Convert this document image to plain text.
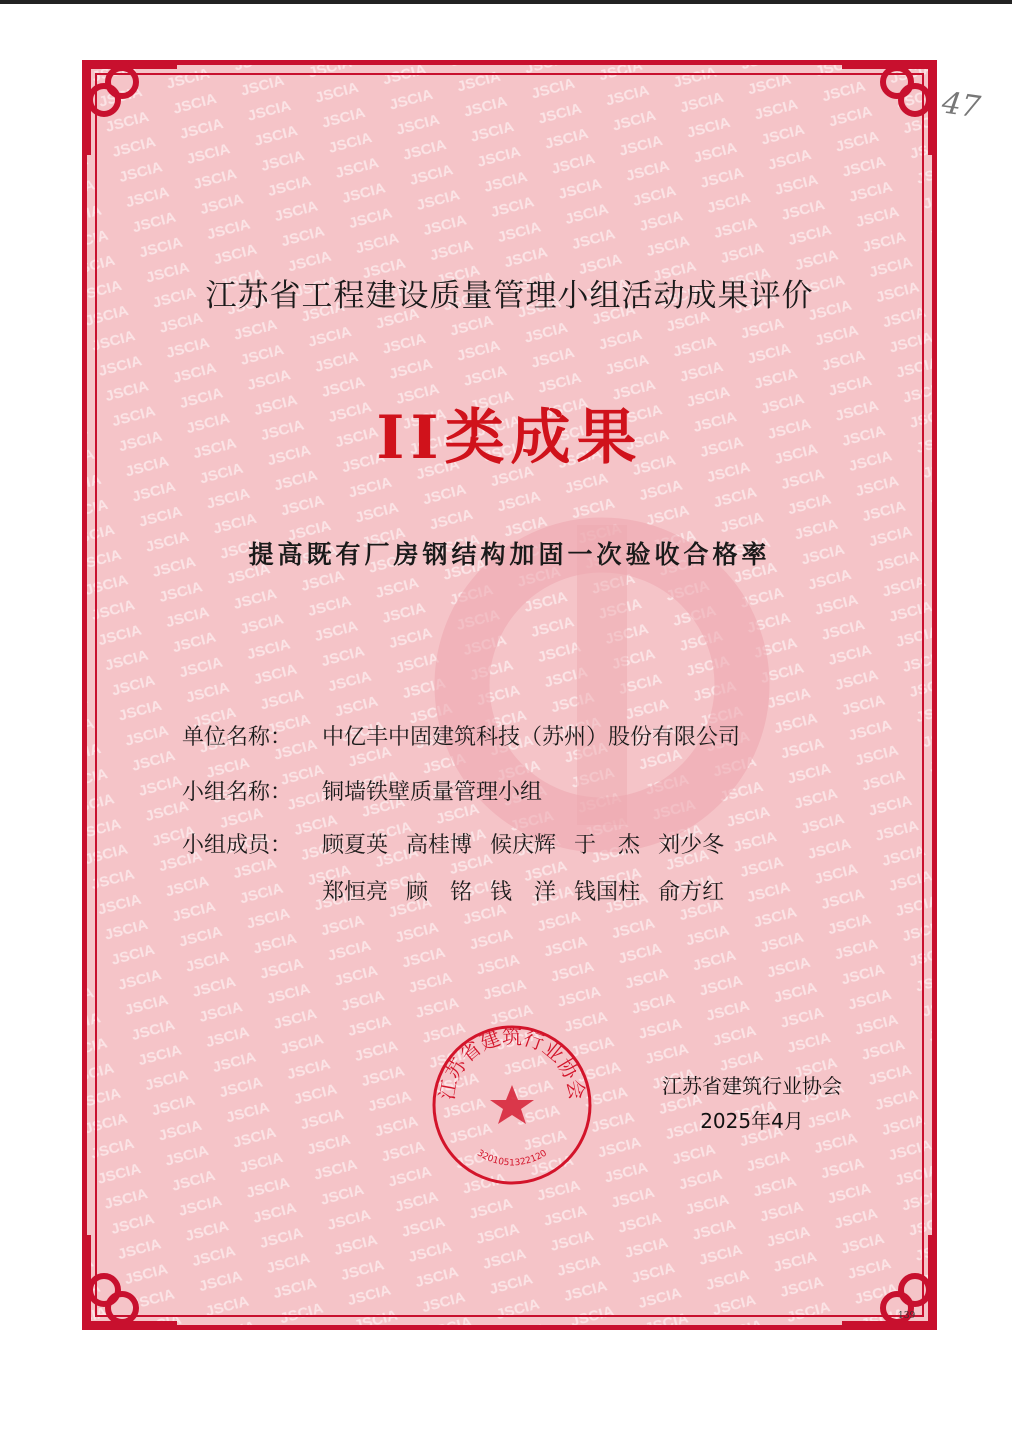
47
江苏省工程建设质量管理小组活动成果评价
II类成果
提高既有厂房钢结构加固一次验收合格率
单位名称： 中亿丰中固建筑科技（苏州）股份有限公司
小组名称： 铜墙铁壁质量管理小组
小组成员： 顾夏英 高桂博 候庆辉 于　杰 刘少冬
郑恒亮 顾　铭 钱　洋 钱国柱 俞方红
江苏省建筑行业协会
3201051322120
江苏省建筑行业协会
2025年4月
139
